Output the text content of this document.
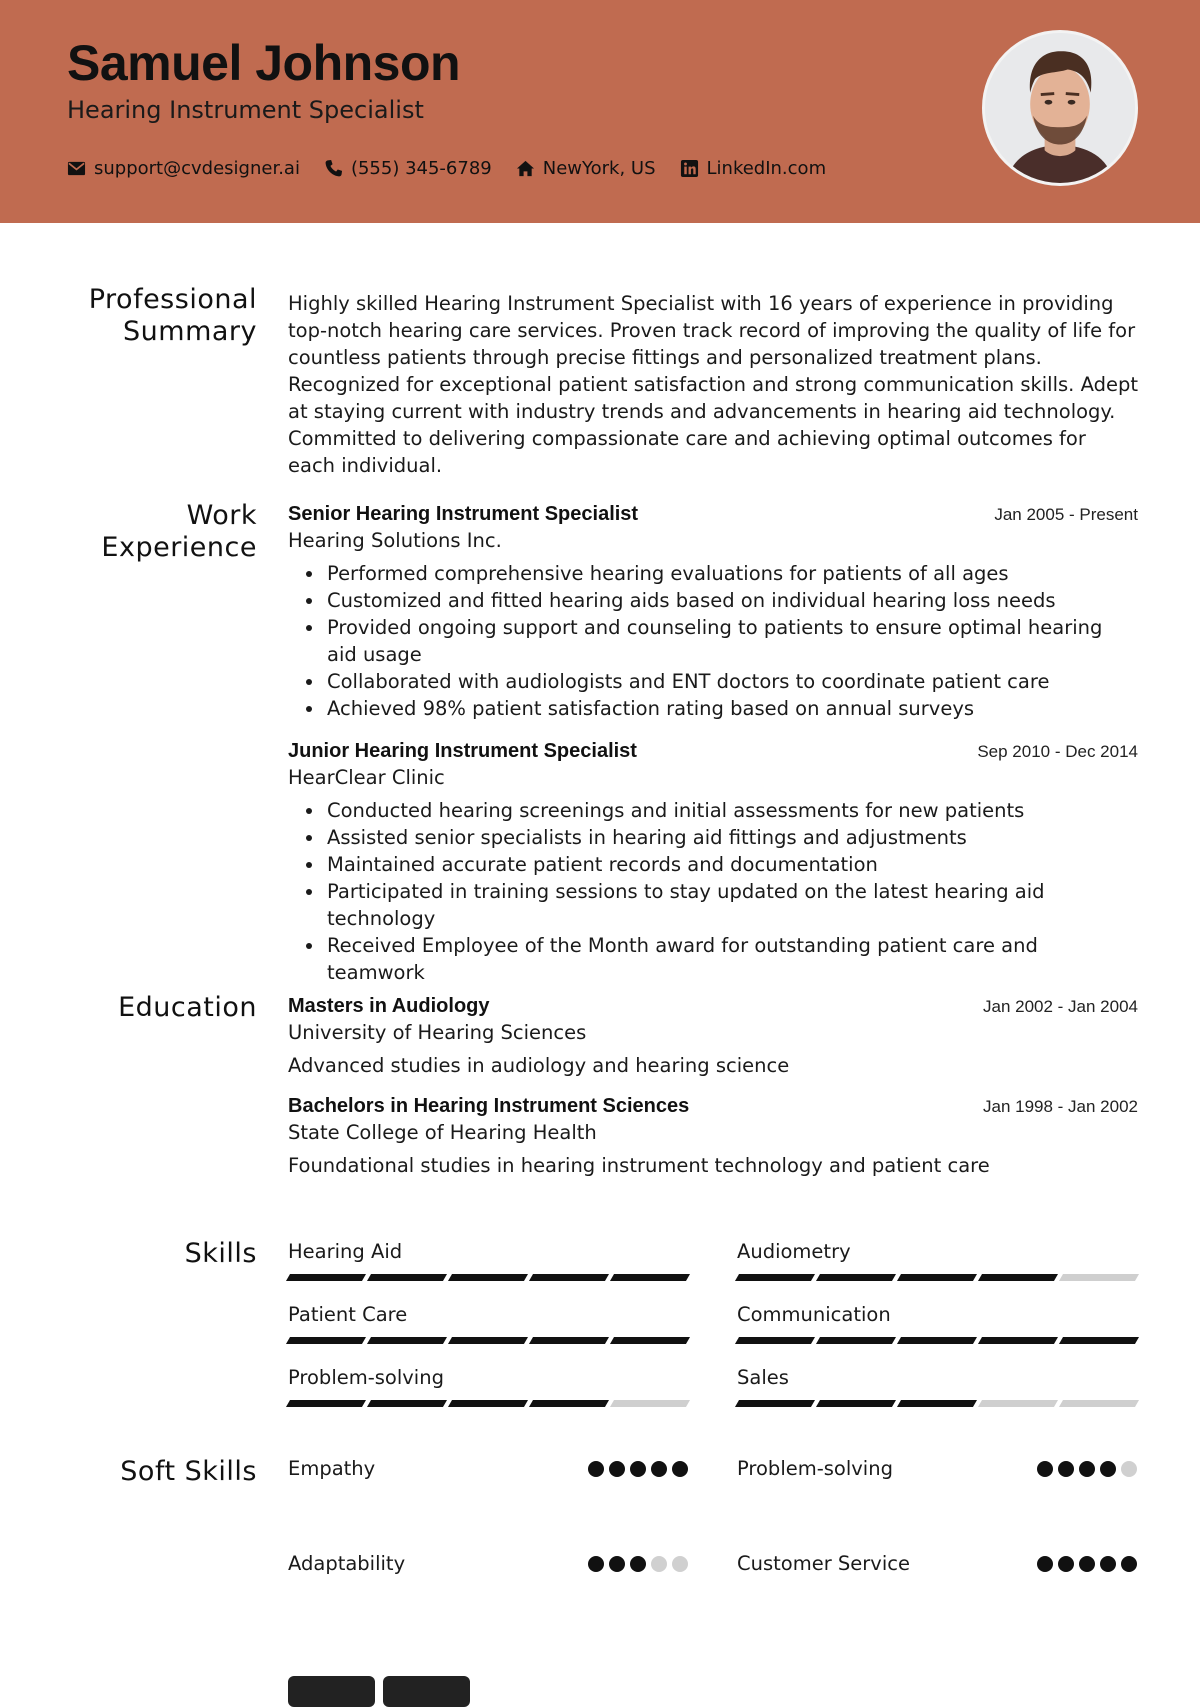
Samuel Johnson
Hearing Instrument Specialist
support@cvdesigner.ai	(555) 345-6789	NewYork, US	LinkedIn.com
Professional
Summary
Highly skilled Hearing Instrument Specialist with 16 years of experience in providing top-notch hearing care services. Proven track record of improving the quality of life for countless patients through precise fittings and personalized treatment plans. Recognized for exceptional patient satisfaction and strong communication skills. Adept at staying current with industry trends and advancements in hearing aid technology. Committed to delivering compassionate care and achieving optimal outcomes for each individual.
Work
Experience
Senior Hearing Instrument Specialist	Jan 2005 - Present
Hearing Solutions Inc.
• Performed comprehensive hearing evaluations for patients of all ages
• Customized and fitted hearing aids based on individual hearing loss needs
• Provided ongoing support and counseling to patients to ensure optimal hearing aid usage
• Collaborated with audiologists and ENT doctors to coordinate patient care
• Achieved 98% patient satisfaction rating based on annual surveys
Junior Hearing Instrument Specialist	Sep 2010 - Dec 2014
HearClear Clinic
• Conducted hearing screenings and initial assessments for new patients
• Assisted senior specialists in hearing aid fittings and adjustments
• Maintained accurate patient records and documentation
• Participated in training sessions to stay updated on the latest hearing aid technology
• Received Employee of the Month award for outstanding patient care and teamwork
Education Masters in Audiology	Jan 2002 - Jan 2004
University of Hearing Sciences
Advanced studies in audiology and hearing science
Bachelors in Hearing Instrument Sciences	Jan 1998 - Jan 2002
State College of Hearing Health
Foundational studies in hearing instrument technology and patient care
Skills Hearing Aid	Audiometry
Patient Care	Communication
Problem-solving	Sales
Soft Skills Empathy	Problem-solving
Adaptability	Customer Service
